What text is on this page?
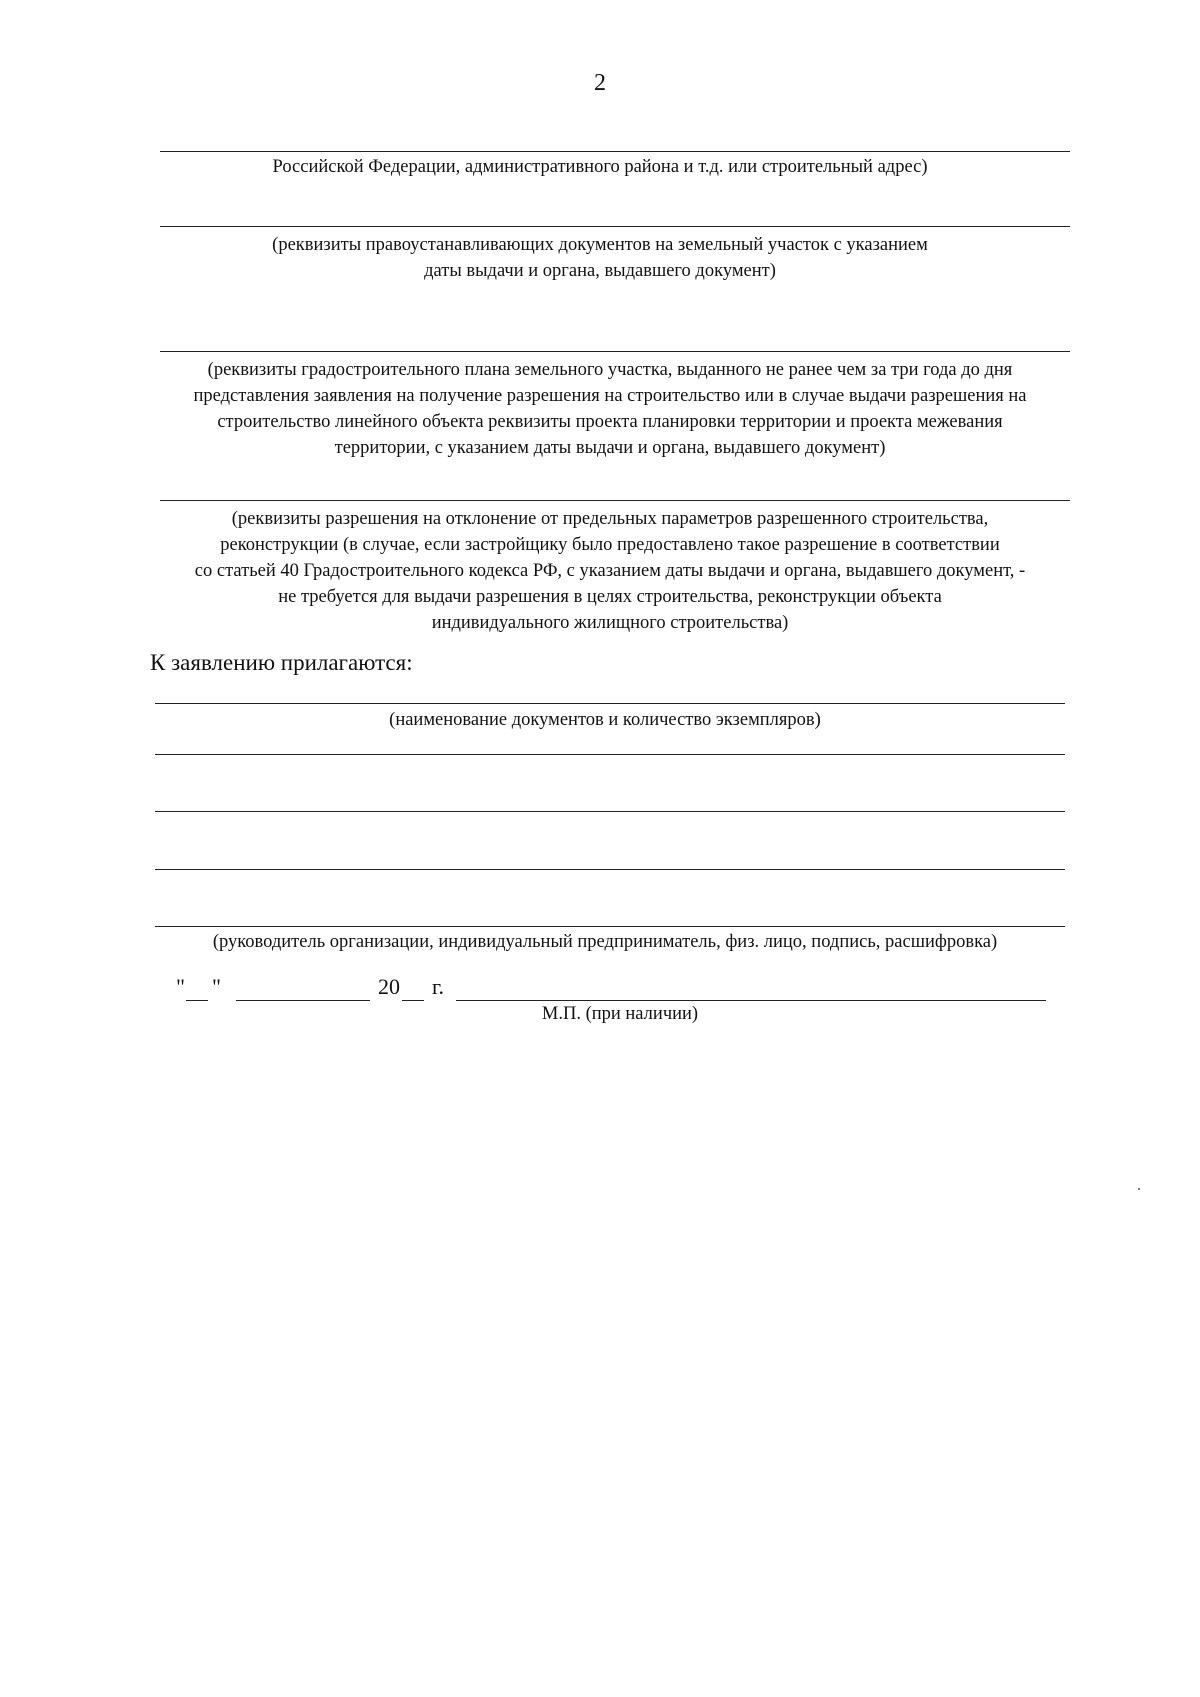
2
Российской Федерации, административного района и т.д. или строительный адрес)
(реквизиты правоустанавливающих документов на земельный участок с указанием
даты выдачи и органа, выдавшего документ)
(реквизиты градостроительного плана земельного участка, выданного не ранее чем за три года до дня
представления заявления на получение разрешения на строительство или в случае выдачи разрешения на
строительство линейного объекта реквизиты проекта планировки территории и проекта межевания
территории, с указанием даты выдачи и органа, выдавшего документ)
(реквизиты разрешения на отклонение от предельных параметров разрешенного строительства,
реконструкции (в случае, если застройщику было предоставлено такое разрешение в соответствии
со статьей 40 Градостроительного кодекса РФ, с указанием даты выдачи и органа, выдавшего документ, -
не требуется для выдачи разрешения в целях строительства, реконструкции объекта
индивидуального жилищного строительства)
К заявлению прилагаются:
(наименование документов и количество экземпляров)
(руководитель организации, индивидуальный предприниматель, физ. лицо, подпись, расшифровка)
" "	20 г.
М.П. (при наличии)
